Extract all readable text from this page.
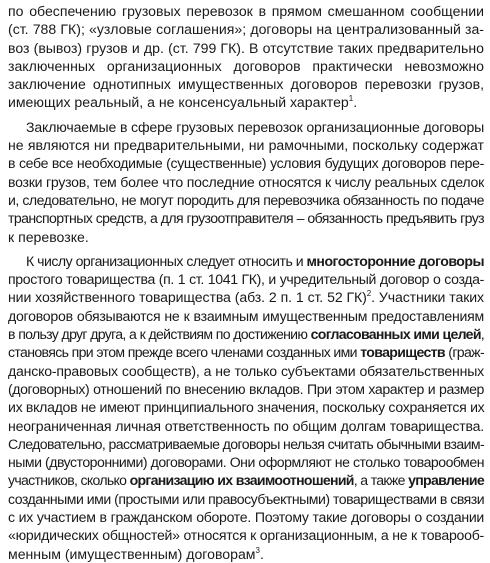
по обеспечению грузовых перевозок в прямом смешанном сообщении
(ст. 788 ГК); «узловые соглашения»; договоры на централизованный за-
воз (вывоз) грузов и др. (ст. 799 ГК). В отсутствие таких предварительно
заключенных организационных договоров практически невозможно
заключение однотипных имущественных договоров перевозки грузов,
имеющих реальный, а не консенсуальный характер$^1$.
Заключаемые в сфере грузовых перевозок организационные договоры
не являются ни предварительными, ни рамочными, поскольку содержат
в себе все необходимые (существенные) условия будущих договоров пере-
возки грузов, тем более что последние относятся к числу реальных сделок
и, следовательно, не могут породить для перевозчика обязанность по подаче
транспортных средств, а для грузоотправителя – обязанность предъявить груз
к перевозке.
К числу организационных следует относить и многосторонние договоры
простого товарищества (п. 1 ст. 1041 ГК), и учредительный договор о созда-
нии хозяйственного товарищества (абз. 2 п. 1 ст. 52 ГК)$^2$. Участники таких
договоров обязываются не к взаимным имущественным предоставлениям
в пользу друг друга, а к действиям по достижению согласованных ими целей,
становясь при этом прежде всего членами созданных ими товариществ (граж-
данско-правовых сообществ), а не только субъектами обязательственных
(договорных) отношений по внесению вкладов. При этом характер и размер
их вкладов не имеют принципиального значения, поскольку сохраняется их
неограниченная личная ответственность по общим долгам товарищества.
Следовательно, рассматриваемые договоры нельзя считать обычными взаим-
ными (двусторонними) договорами. Они оформляют не столько товарообмен
участников, сколько организацию их взаимоотношений, а также управление
созданными ими (простыми или правосубъектными) товариществами в связи
с их участием в гражданском обороте. Поэтому такие договоры о создании
«юридических общностей» относятся к организационным, а не к товарооб-
менным (имущественным) договорам$^3$.
